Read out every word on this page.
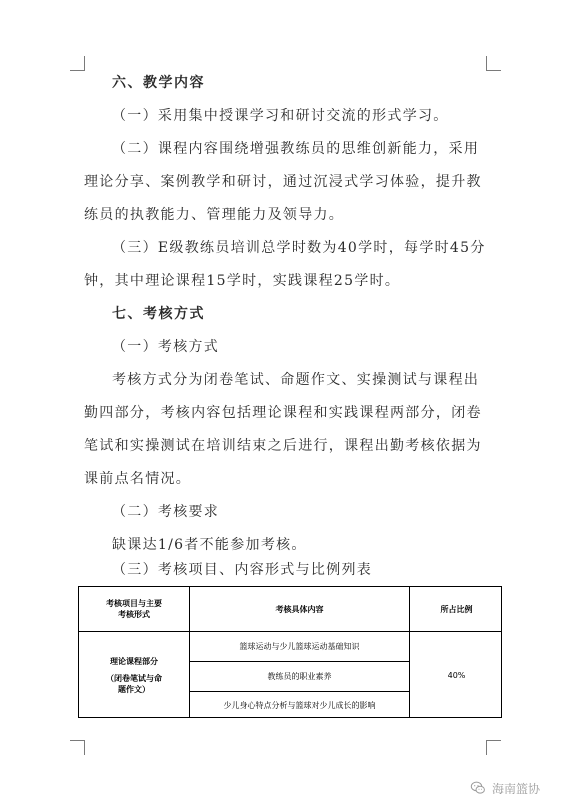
六、教学内容
（一）采用集中授课学习和研讨交流的形式学习。
（二）课程内容围绕增强教练员的思维创新能力，采用
理论分享、案例教学和研讨，通过沉浸式学习体验，提升教
练员的执教能力、管理能力及领导力。
（三）E级教练员培训总学时数为40学时，每学时45分
钟，其中理论课程15学时，实践课程25学时。
七、考核方式
（一）考核方式
考核方式分为闭卷笔试、命题作文、实操测试与课程出
勤四部分，考核内容包括理论课程和实践课程两部分，闭卷
笔试和实操测试在培训结束之后进行，课程出勤考核依据为
课前点名情况。
（二）考核要求
缺课达1/6者不能参加考核。
（三）考核项目、内容形式与比例列表
考核项目与主要
考核形式
考核具体内容	所占比例
理论课程部分
（闭卷笔试与命
题作文）
篮球运动与少儿篮球运动基础知识
教练员的职业素养
少儿身心特点分析与篮球对少儿成长的影响
40%
海南篮协
